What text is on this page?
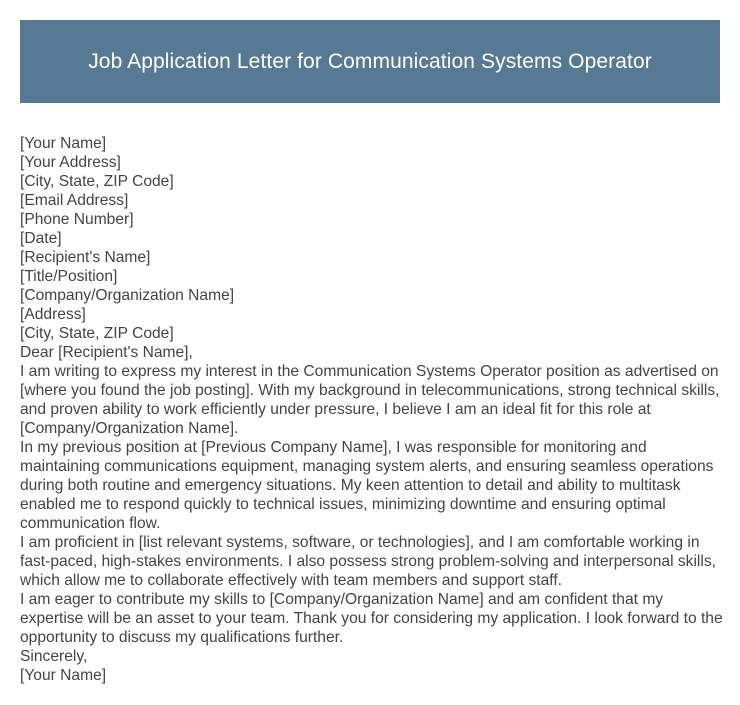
Job Application Letter for Communication Systems Operator
[Your Name]
[Your Address]
[City, State, ZIP Code]
[Email Address]
[Phone Number]
[Date]
[Recipient's Name]
[Title/Position]
[Company/Organization Name]
[Address]
[City, State, ZIP Code]
Dear [Recipient's Name],

I am writing to express my interest in the Communication Systems Operator position as advertised on [where you found the job posting]. With my background in telecommunications, strong technical skills, and proven ability to work efficiently under pressure, I believe I am an ideal fit for this role at [Company/Organization Name].

In my previous position at [Previous Company Name], I was responsible for monitoring and maintaining communications equipment, managing system alerts, and ensuring seamless operations during both routine and emergency situations. My keen attention to detail and ability to multitask enabled me to respond quickly to technical issues, minimizing downtime and ensuring optimal communication flow.

I am proficient in [list relevant systems, software, or technologies], and I am comfortable working in fast-paced, high-stakes environments. I also possess strong problem-solving and interpersonal skills, which allow me to collaborate effectively with team members and support staff.

I am eager to contribute my skills to [Company/Organization Name] and am confident that my expertise will be an asset to your team. Thank you for considering my application. I look forward to the opportunity to discuss my qualifications further.

Sincerely,
[Your Name]
